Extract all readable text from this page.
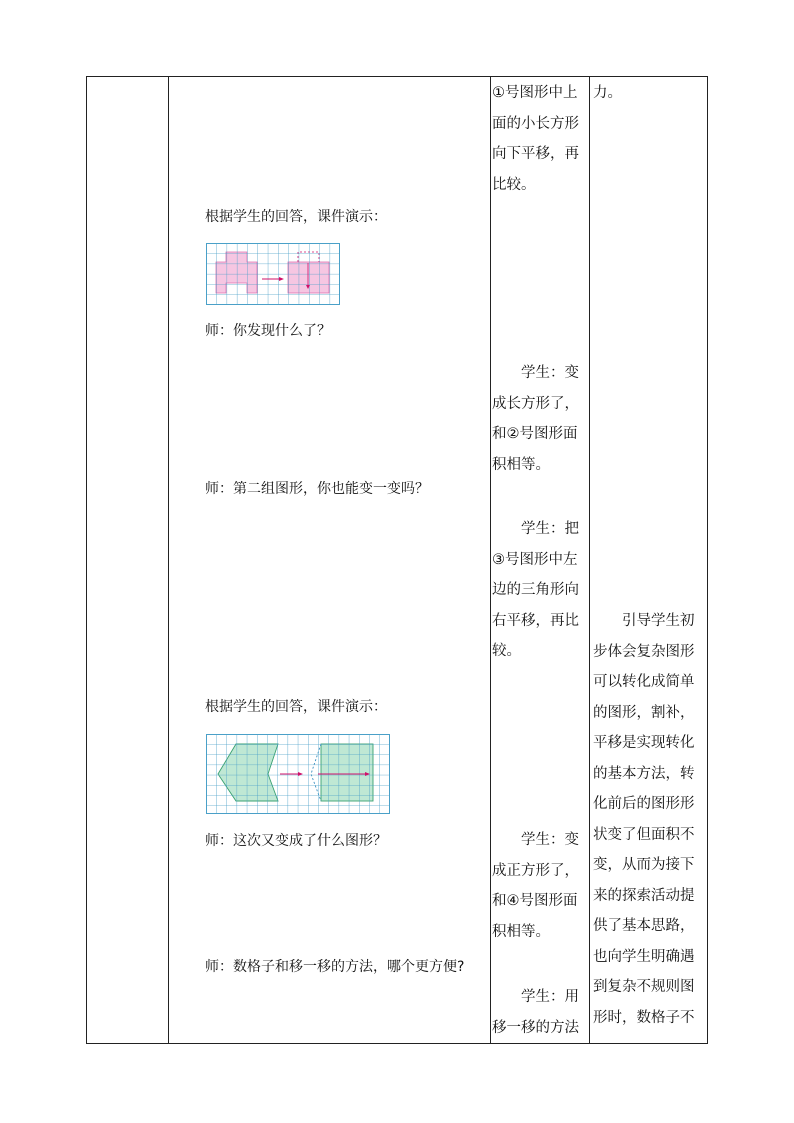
根据学生的回答，课件演示：
师：你发现什么了？
师：第二组图形，你也能变一变吗？
根据学生的回答，课件演示：
师：这次又变成了什么图形？
师：数格子和移一移的方法，哪个更方便?
①号图形中上
面的小长方形
向下平移，再
比较。
学生：变
成长方形了，
和②号图形面
积相等。
学生：把
③号图形中左
边的三角形向
右平移，再比
较。
学生：变
成正方形了，
和④号图形面
积相等。
学生：用
移一移的方法
力。
引导学生初
步体会复杂图形
可以转化成简单
的图形，割补，
平移是实现转化
的基本方法，转
化前后的图形形
状变了但面积不
变，从而为接下
来的探索活动提
供了基本思路，
也向学生明确遇
到复杂不规则图
形时，数格子不
